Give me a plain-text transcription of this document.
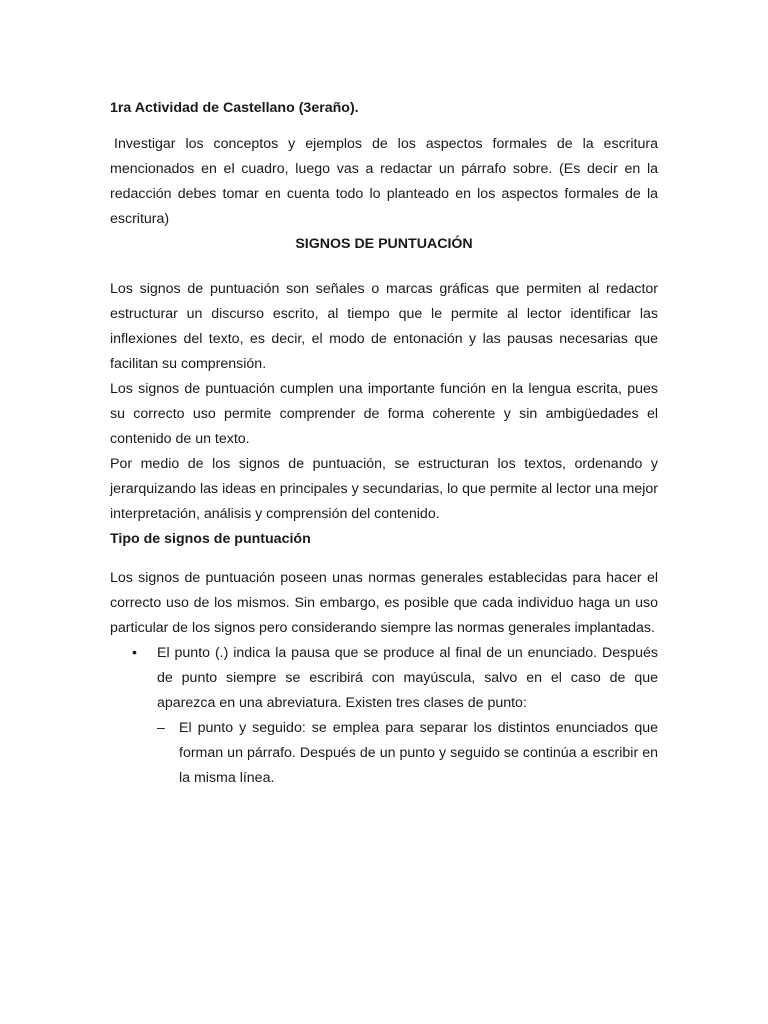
1ra Actividad de Castellano (3eraño).

Investigar los conceptos y ejemplos de los aspectos formales de la escritura mencionados en el cuadro, luego vas a redactar un párrafo sobre. (Es decir en la redacción debes tomar en cuenta todo lo planteado en los aspectos formales de la escritura)

SIGNOS DE PUNTUACIÓN

Los signos de puntuación son señales o marcas gráficas que permiten al redactor estructurar un discurso escrito, al tiempo que le permite al lector identificar las inflexiones del texto, es decir, el modo de entonación y las pausas necesarias que facilitan su comprensión.

Los signos de puntuación cumplen una importante función en la lengua escrita, pues su correcto uso permite comprender de forma coherente y sin ambigüedades el contenido de un texto.

Por medio de los signos de puntuación, se estructuran los textos, ordenando y jerarquizando las ideas en principales y secundarias, lo que permite al lector una mejor interpretación, análisis y comprensión del contenido.

Tipo de signos de puntuación

Los signos de puntuación poseen unas normas generales establecidas para hacer el correcto uso de los mismos. Sin embargo, es posible que cada individuo haga un uso particular de los signos pero considerando siempre las normas generales implantadas.

• El punto (.) indica la pausa que se produce al final de un enunciado. Después de punto siempre se escribirá con mayúscula, salvo en el caso de que aparezca en una abreviatura. Existen tres clases de punto:

– El punto y seguido: se emplea para separar los distintos enunciados que forman un párrafo. Después de un punto y seguido se continúa a escribir en la misma línea.
